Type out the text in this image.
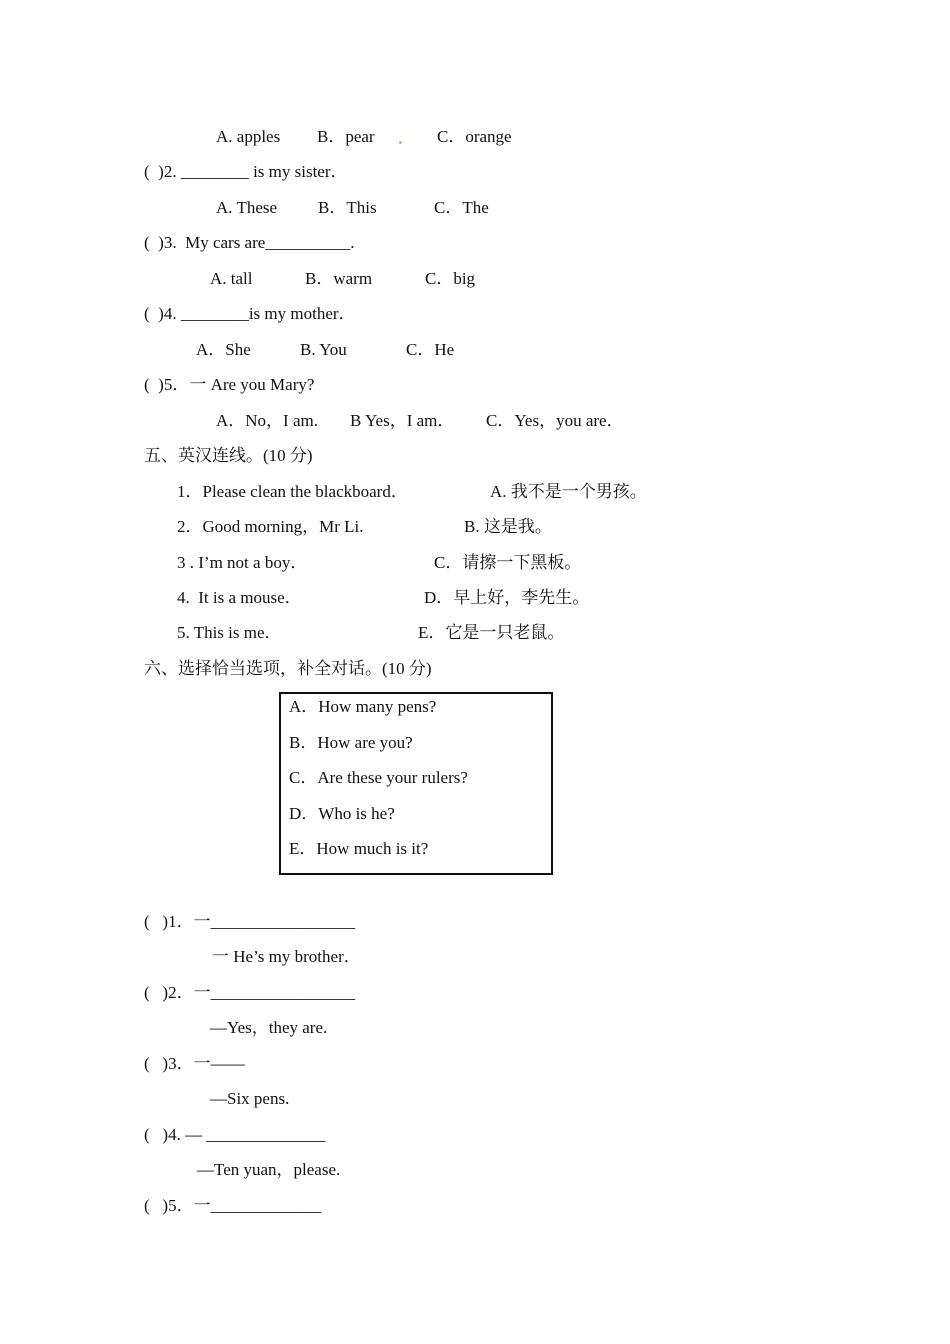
A. apples B．pear	C．orange
(  )2. ________ is my sister．
A. These B．This	C．The
(  )3.  My cars are__________.
A. tall	B．warm	C．big
(  )4. ________is my mother．
A．She	B. You	C．He
(  )5．一 Are you Mary?
A．No，I am. B Yes，I am． C．Yes，you are．
五、英汉连线。(10 分)
1．Please clean the blackboard．	A. 我不是一个男孩。
2．Good morning，Mr Li.	B. 这是我。
3 . I’m not a boy．	C．请擦一下黑板。
4.  It is a mouse．	D．早上好，李先生。
5. This is me．	E．它是一只老鼠。
六、选择恰当选项，补全对话。(10 分)
A．How many pens?
B．How are you?
C．Are these your rulers?
D．Who is he?
E．How much is it?
(   )1．一_________________
一 He’s my brother．
(   )2．一_________________
—Yes，they are.
(   )3．一——
—Six pens.
(   )4. — ______________
—Ten yuan，please.
(   )5．一_____________
